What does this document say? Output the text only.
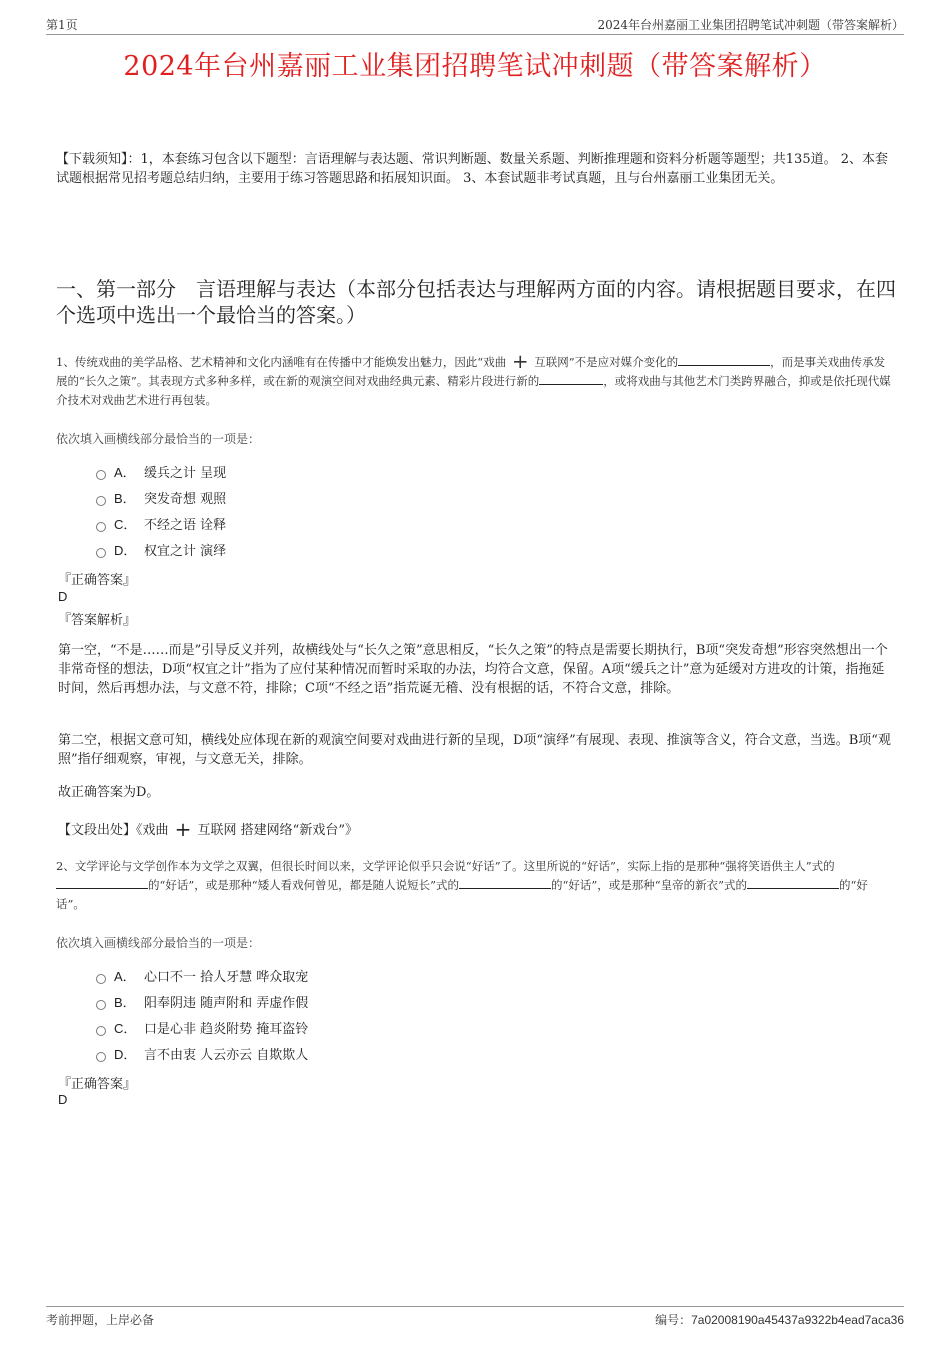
第1页	2024年台州嘉丽工业集团招聘笔试冲刺题（带答案解析）
2024年台州嘉丽工业集团招聘笔试冲刺题（带答案解析）
【下载须知】：1，本套练习包含以下题型：言语理解与表达题、常识判断题、数量关系题、判断推理题和资料分析题等题型；共135道。 2、本套试题根据常见招考题总结归纳，主要用于练习答题思路和拓展知识面。 3、本套试题非考试真题，且与台州嘉丽工业集团无关。
一、第一部分　言语理解与表达（本部分包括表达与理解两方面的内容。请根据题目要求，在四个选项中选出一个最恰当的答案。）
1、传统戏曲的美学品格、艺术精神和文化内涵唯有在传播中才能焕发出魅力，因此“戏曲 + 互联网”不是应对媒介变化的	，而是事关戏曲传承发展的“长久之策”。其表现方式多种多样，或在新的观演空间对戏曲经典元素、精彩片段进行新的	，或将戏曲与其他艺术门类跨界融合，抑或是依托现代媒介技术对戏曲艺术进行再包装。
依次填入画横线部分最恰当的一项是：
A． 缓兵之计 呈现
B． 突发奇想 观照
C． 不经之语 诠释
D． 权宜之计 演绎
『正确答案』
D
『答案解析』
第一空，“不是……而是”引导反义并列，故横线处与“长久之策”意思相反，“长久之策”的特点是需要长期执行，B项“突发奇想”形容突然想出一个非常奇怪的想法，D项“权宜之计”指为了应付某种情况而暂时采取的办法，均符合文意，保留。A项“缓兵之计”意为延缓对方进攻的计策，指拖延时间，然后再想办法，与文意不符，排除；C项“不经之语”指荒诞无稽、没有根据的话，不符合文意，排除。
第二空，根据文意可知，横线处应体现在新的观演空间要对戏曲进行新的呈现，D项“演绎”有展现、表现、推演等含义，符合文意，当选。B项“观照”指仔细观察，审视，与文意无关，排除。
故正确答案为D。
【文段出处】《戏曲 + 互联网 搭建网络“新戏台”》
2、文学评论与文学创作本为文学之双翼，但很长时间以来，文学评论似乎只会说“好话”了。这里所说的“好话”，实际上指的是那种“强将笑语供主人”式的的“好话”，或是那种“矮人看戏何曾见，都是随人说短长”式的	的“好话”，或是那种“皇帝的新衣”式的	的“好话”。
依次填入画横线部分最恰当的一项是：
A． 心口不一 拾人牙慧 哗众取宠
B． 阳奉阴违 随声附和 弄虚作假
C． 口是心非 趋炎附势 掩耳盗铃
D． 言不由衷 人云亦云 自欺欺人
『正确答案』
D
考前押题，上岸必备	编号：7a02008190a45437a9322b4ead7aca36
